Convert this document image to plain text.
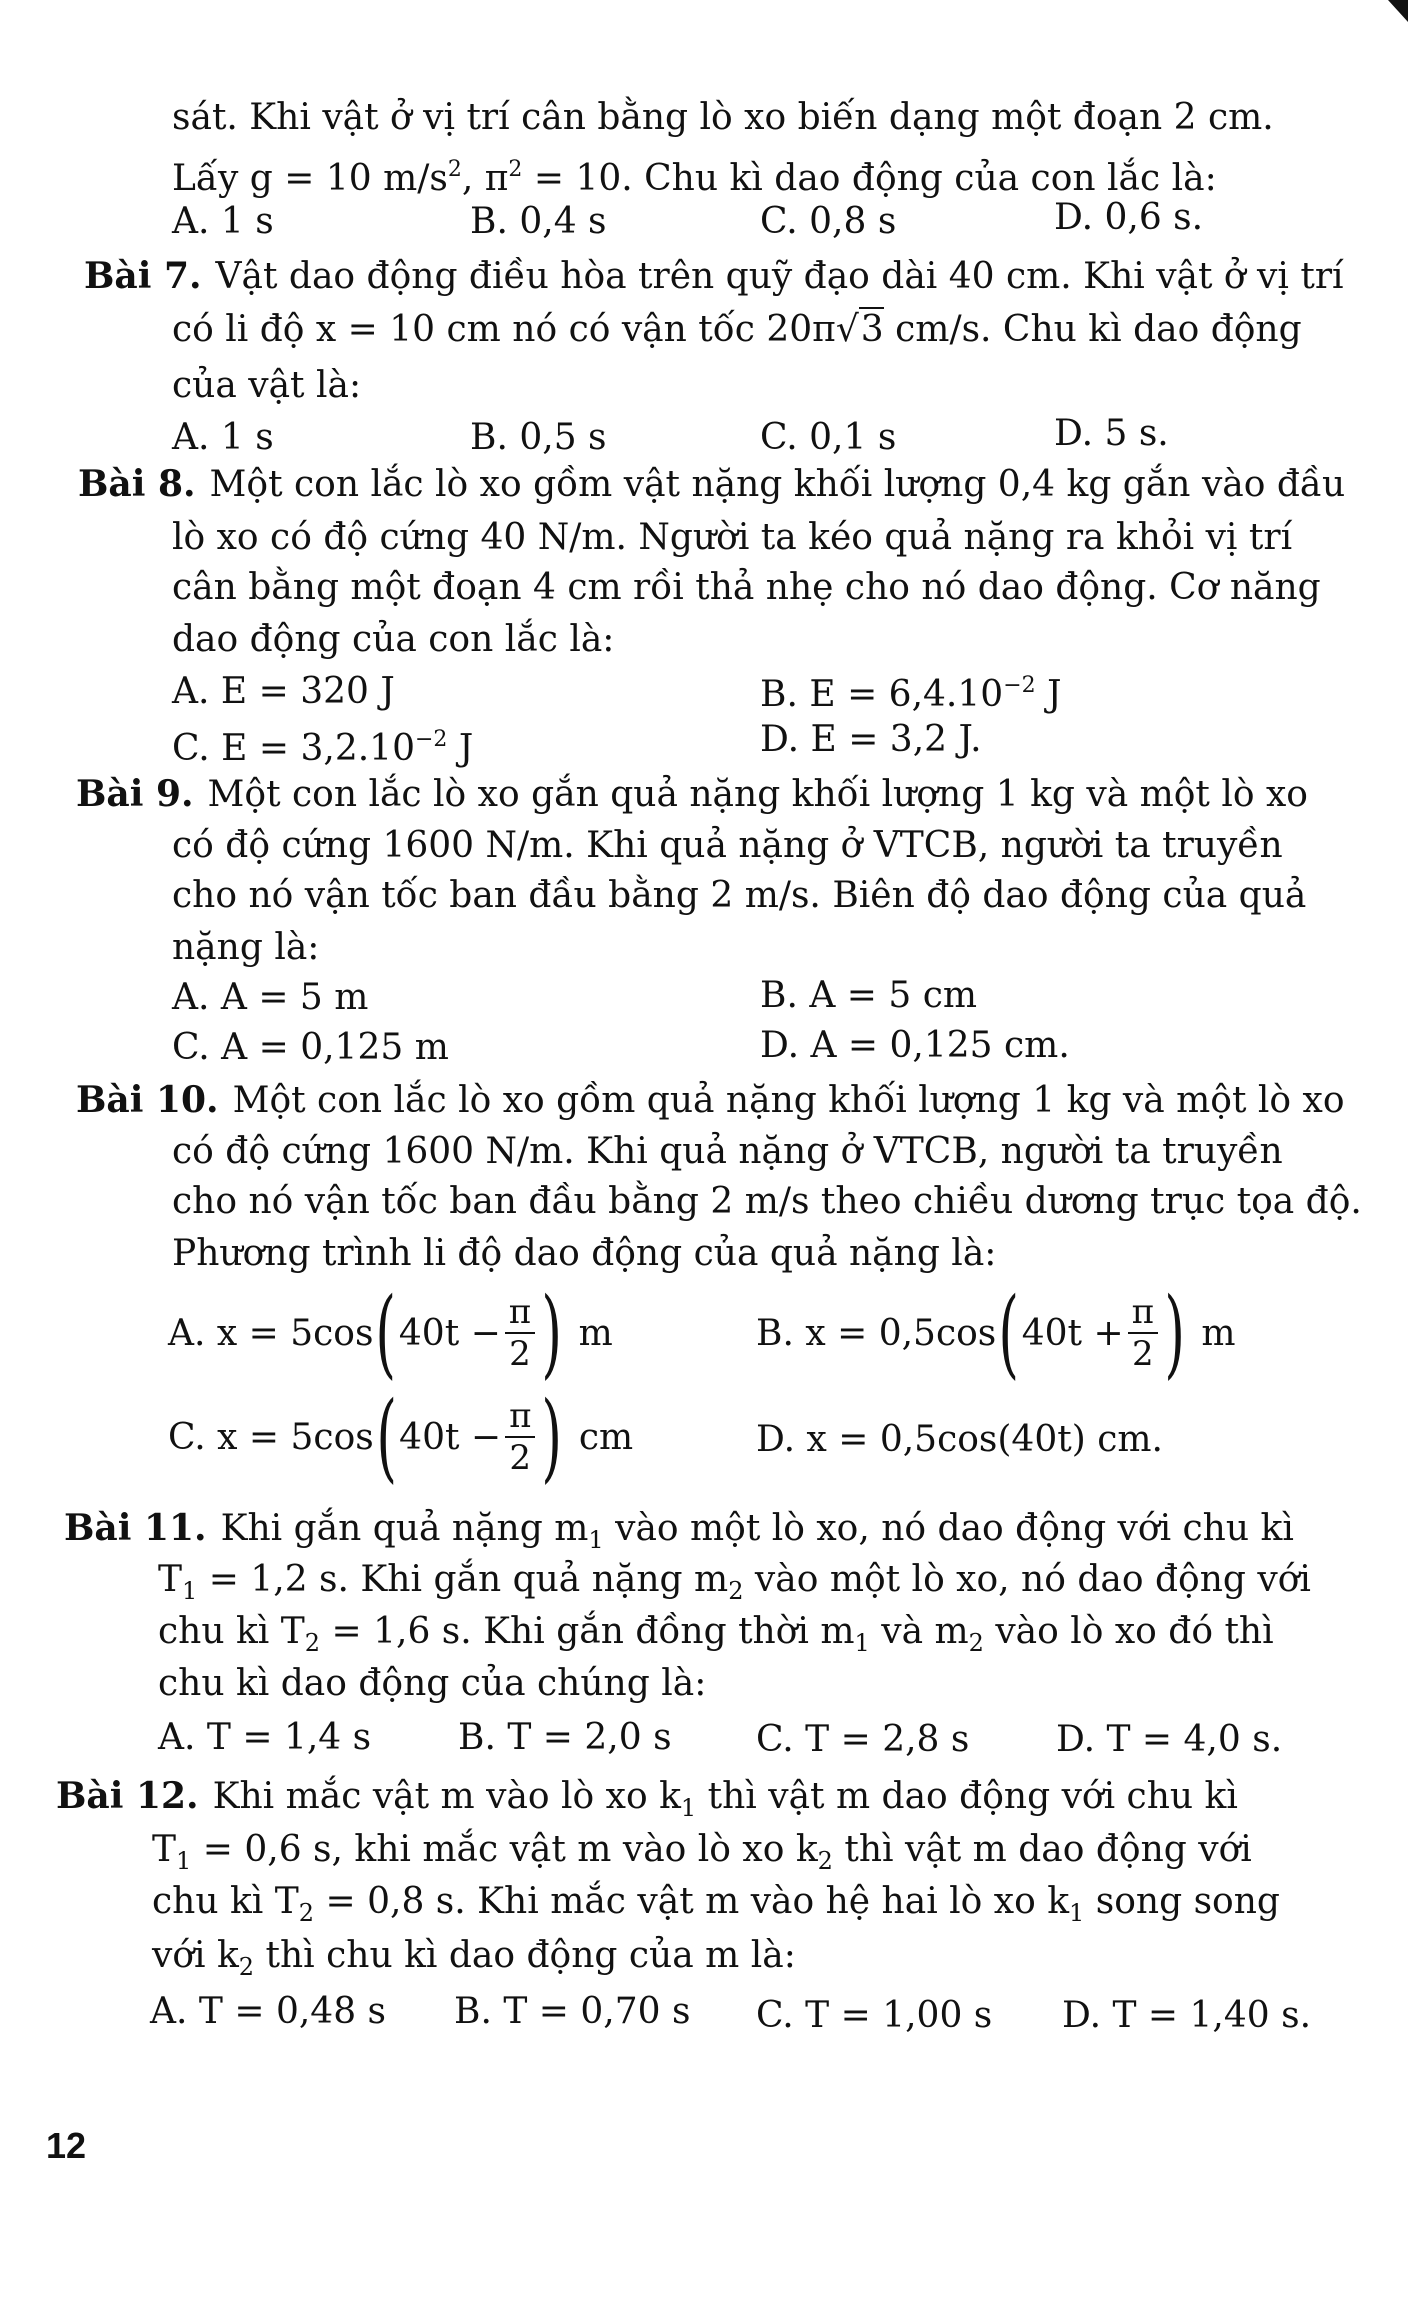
sát. Khi vật ở vị trí cân bằng lò xo biến dạng một đoạn 2 cm.
Lấy g = 10 $m/s^2$, $\pi^2 = 10$. Chu kì dao động của con lắc là:
A. 1 s	B. 0,4 s	C. 0,8 s	D. 0,6 s.
Bài 7. Vật dao động điều hòa trên quỹ đạo dài 40 cm. Khi vật ở vị trí
có li độ x = 10 cm nó có vận tốc 20π√3 cm/s. Chu kì dao động
của vật là:
A. 1 s	B. 0,5 s	C. 0,1 s	D. 5 s.
Bài 8. Một con lắc lò xo gồm vật nặng khối lượng 0,4 kg gắn vào đầu
lò xo có độ cứng 40 N/m. Người ta kéo quả nặng ra khỏi vị trí
cân bằng một đoạn 4 cm rồi thả nhẹ cho nó dao động. Cơ năng
dao động của con lắc là:
A. E = 320 J	B. $E = 6,4.10^{-2}$ J
C. $E = 3,2.10^{-2}$ J	D. E = 3,2 J.
Bài 9. Một con lắc lò xo gắn quả nặng khối lượng 1 kg và một lò xo
có độ cứng 1600 N/m. Khi quả nặng ở VTCB, người ta truyền
cho nó vận tốc ban đầu bằng 2 m/s. Biên độ dao động của quả
nặng là:
A. A = 5 m	B. A = 5 cm
C. A = 0,125 m	D. A = 0,125 cm.
Bài 10. Một con lắc lò xo gồm quả nặng khối lượng 1 kg và một lò xo
có độ cứng 1600 N/m. Khi quả nặng ở VTCB, người ta truyền
cho nó vận tốc ban đầu bằng 2 m/s theo chiều dương trục tọa độ.
Phương trình li độ dao động của quả nặng là:
A. x = 5cos ( $40t - \frac{\pi}{2}$ ) m	B. x = 0,5cos ( $40t + \frac{\pi}{2}$ ) m
C. x = 5cos ( $40t - \frac{\pi}{2}$ ) cm	D. x = 0,5cos(40t) cm.
Bài 11. Khi gắn quả nặng $m_1$ vào một lò xo, nó dao động với chu kì
$T_1 = 1,2$ s. Khi gắn quả nặng $m_2$ vào một lò xo, nó dao động với
chu kì $T_2 = 1,6$ s. Khi gắn đồng thời $m_1$ và $m_2$ vào lò xo đó thì
chu kì dao động của chúng là:
A. T = 1,4 s B. T = 2,0 s C. T = 2,8 s D. T = 4,0 s.
Bài 12. Khi mắc vật m vào lò xo $k_1$ thì vật m dao động với chu kì
$T_1 = 0,6$ s, khi mắc vật m vào lò xo $k_2$ thì vật m dao động với
chu kì $T_2 = 0,8$ s. Khi mắc vật m vào hệ hai lò xo $k_1$ song song
với $k_2$ thì chu kì dao động của m là:
A. T = 0,48 s B. T = 0,70 s C. T = 1,00 s D. T = 1,40 s.
12
